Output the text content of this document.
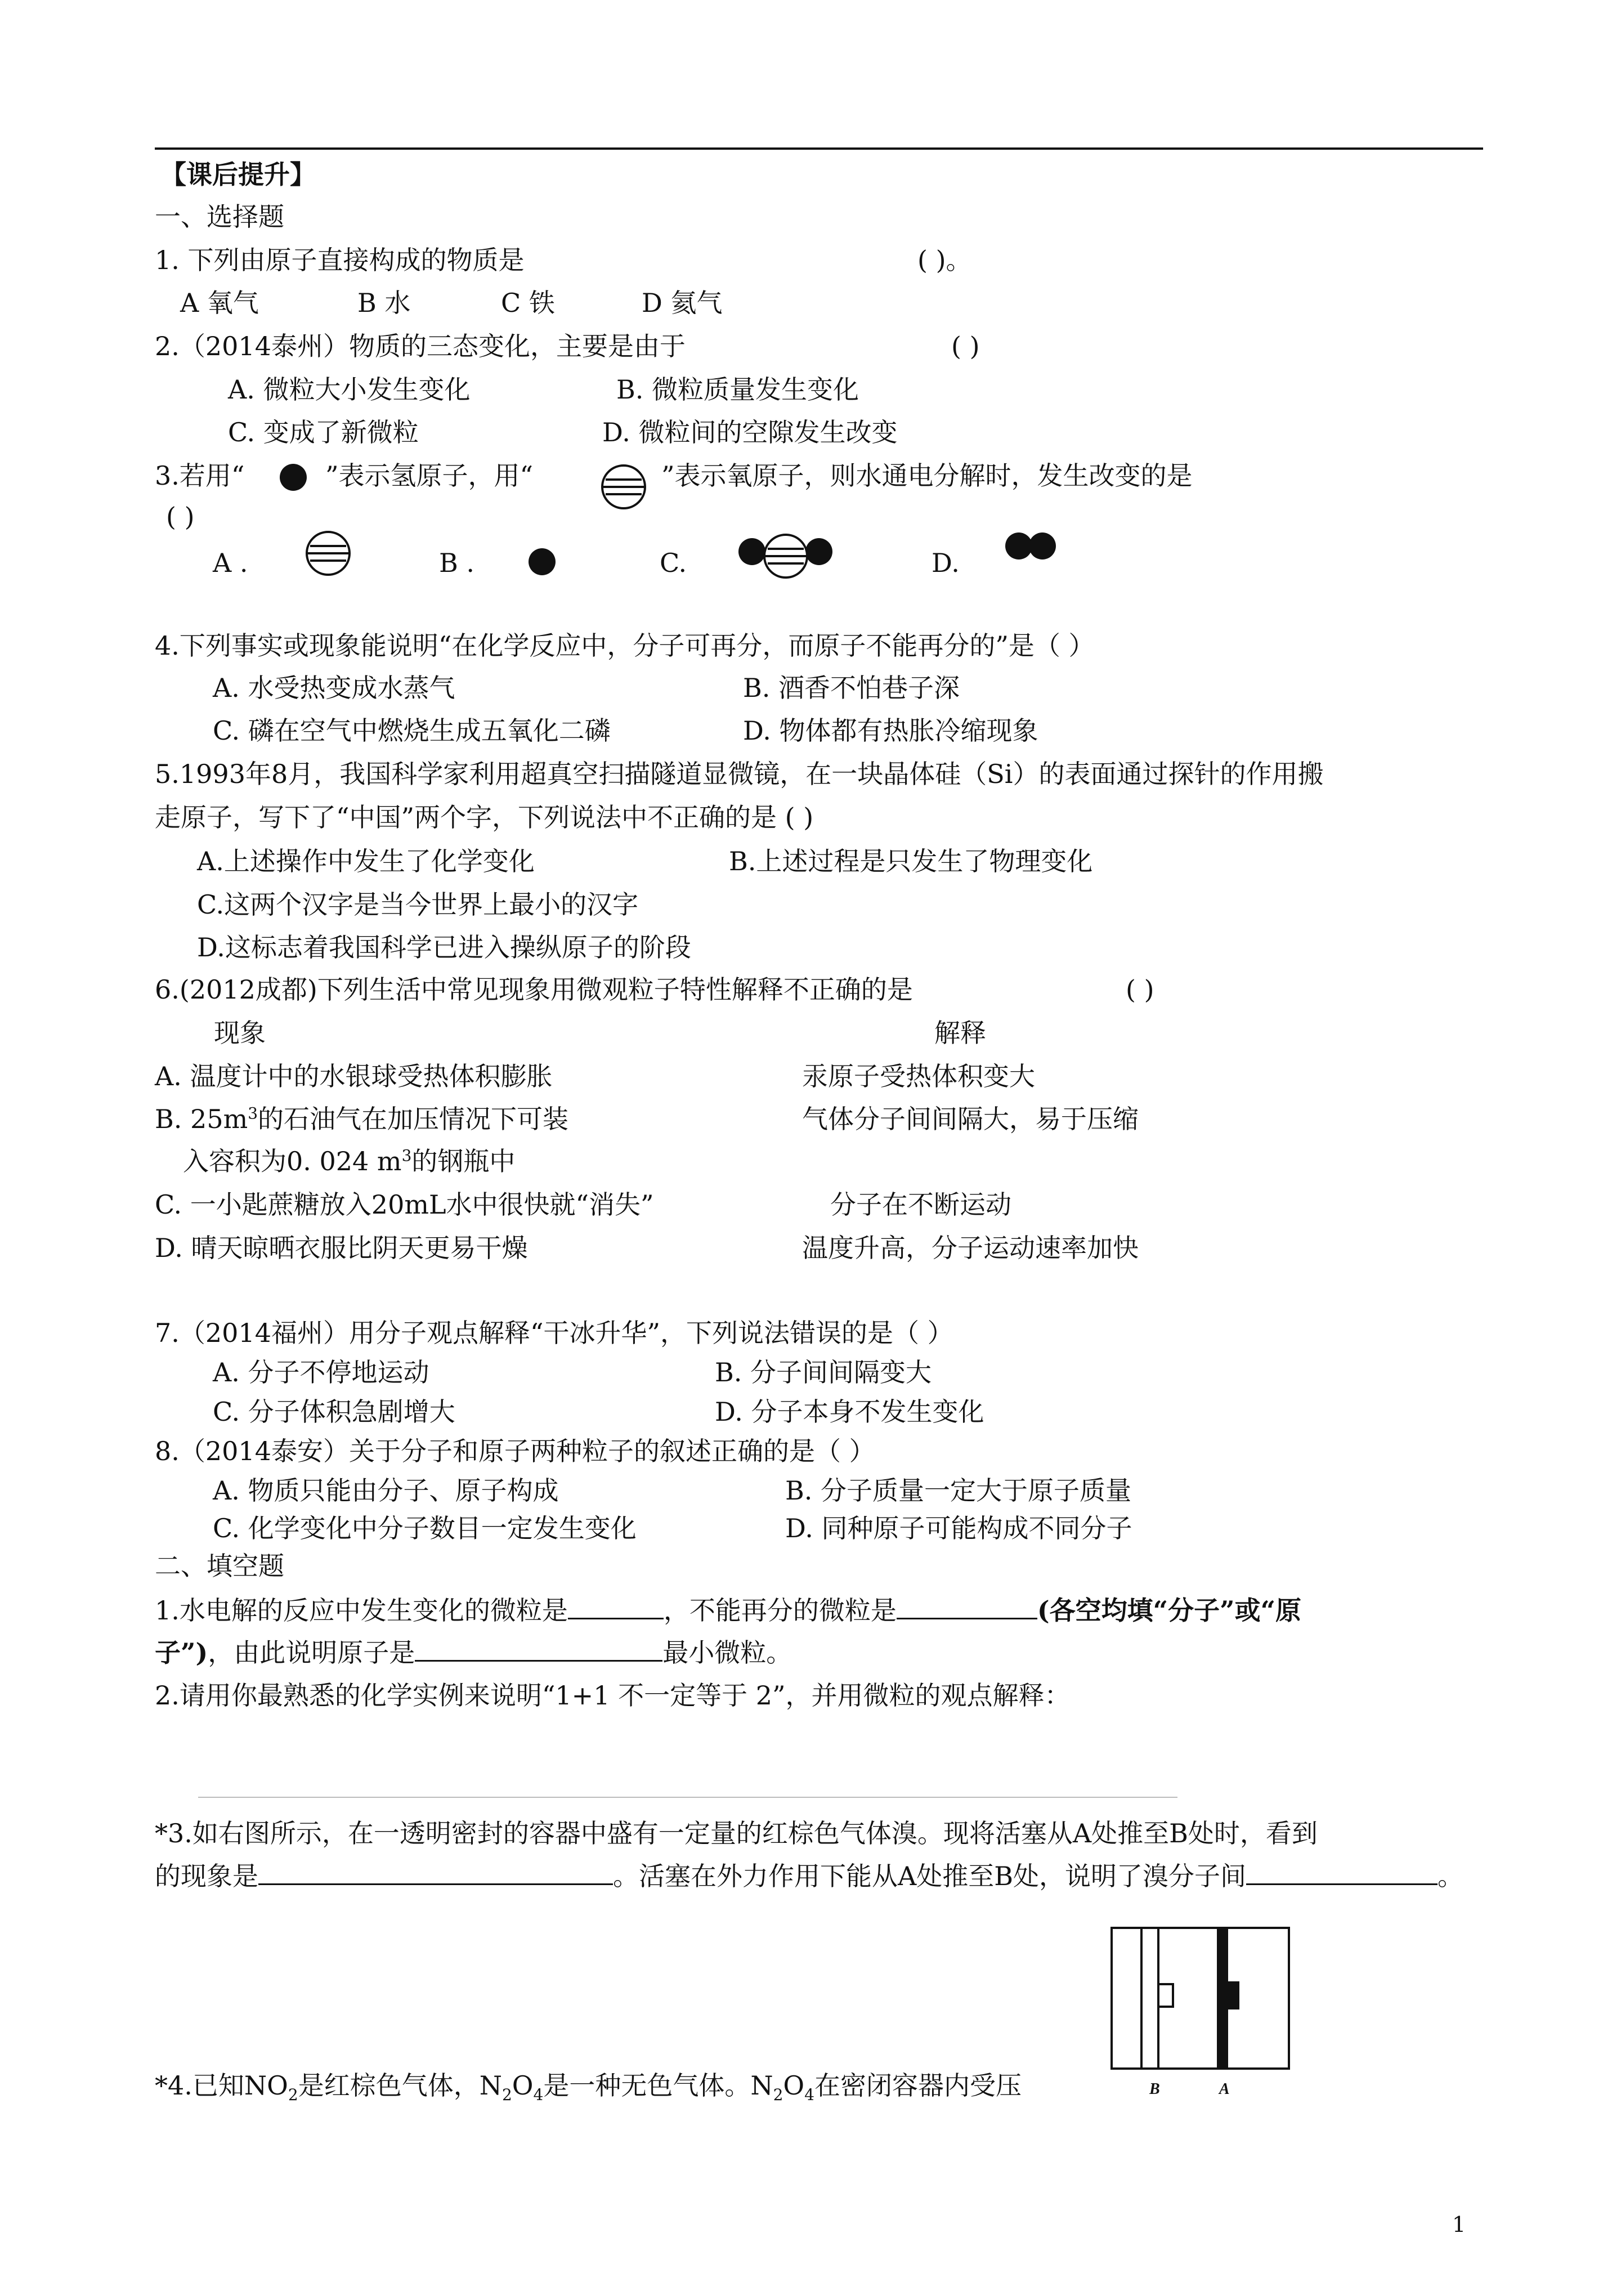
【课后提升】
一、选择题
1. 下列由原子直接构成的物质是	( )。
A 氧气	B 水	C 铁	D 氦气
2.（2014泰州）物质的三态变化，主要是由于	( )
A. 微粒大小发生变化	B. 微粒质量发生变化
C. 变成了新微粒	D. 微粒间的空隙发生改变
3.若用“	”表示氢原子，用“	”表示氧原子，则水通电分解时，发生改变的是
( )
A .	B .	C.	D.
4.下列事实或现象能说明“在化学反应中，分子可再分，而原子不能再分的”是（ ）
A. 水受热变成水蒸气	B. 酒香不怕巷子深
C. 磷在空气中燃烧生成五氧化二磷	D. 物体都有热胀冷缩现象
5.1993年8月，我国科学家利用超真空扫描隧道显微镜，在一块晶体硅（Si）的表面通过探针的作用搬
走原子，写下了“中国”两个字，下列说法中不正确的是 ( )
A.上述操作中发生了化学变化	B.上述过程是只发生了物理变化
C.这两个汉字是当今世界上最小的汉字
D.这标志着我国科学已进入操纵原子的阶段
6.(2012成都)下列生活中常见现象用微观粒子特性解释不正确的是	( )
现象	解释
A. 温度计中的水银球受热体积膨胀	汞原子受热体积变大
B. $25m^3$的石油气在加压情况下可装	气体分子间间隔大，易于压缩
入容积为0. 024 $m^3$的钢瓶中
C. 一小匙蔗糖放入20mL水中很快就“消失”	分子在不断运动
D. 晴天晾晒衣服比阴天更易干燥	温度升高，分子运动速率加快
7.（2014福州）用分子观点解释“干冰升华”，下列说法错误的是（ ）
A. 分子不停地运动	B. 分子间间隔变大
C. 分子体积急剧增大	D. 分子本身不发生变化
8.（2014泰安）关于分子和原子两种粒子的叙述正确的是（ ）
A. 物质只能由分子、原子构成	B. 分子质量一定大于原子质量
C. 化学变化中分子数目一定发生变化	D. 同种原子可能构成不同分子
二、填空题
1.水电解的反应中发生变化的微粒是	，不能再分的微粒是	(各空均填“分子”或“原
子”)，由此说明原子是	最小微粒。
2.请用你最熟悉的化学实例来说明“1+1 不一定等于 2”，并用微粒的观点解释：
*3.如右图所示，在一透明密封的容器中盛有一定量的红棕色气体溴。现将活塞从A处推至B处时，看到
的现象是	。活塞在外力作用下能从A处推至B处，说明了溴分子间	。
B	A
*4.已知$NO_2$是红棕色气体，$N_2O_4$是一种无色气体。$N_2O_4$在密闭容器内受压
1
